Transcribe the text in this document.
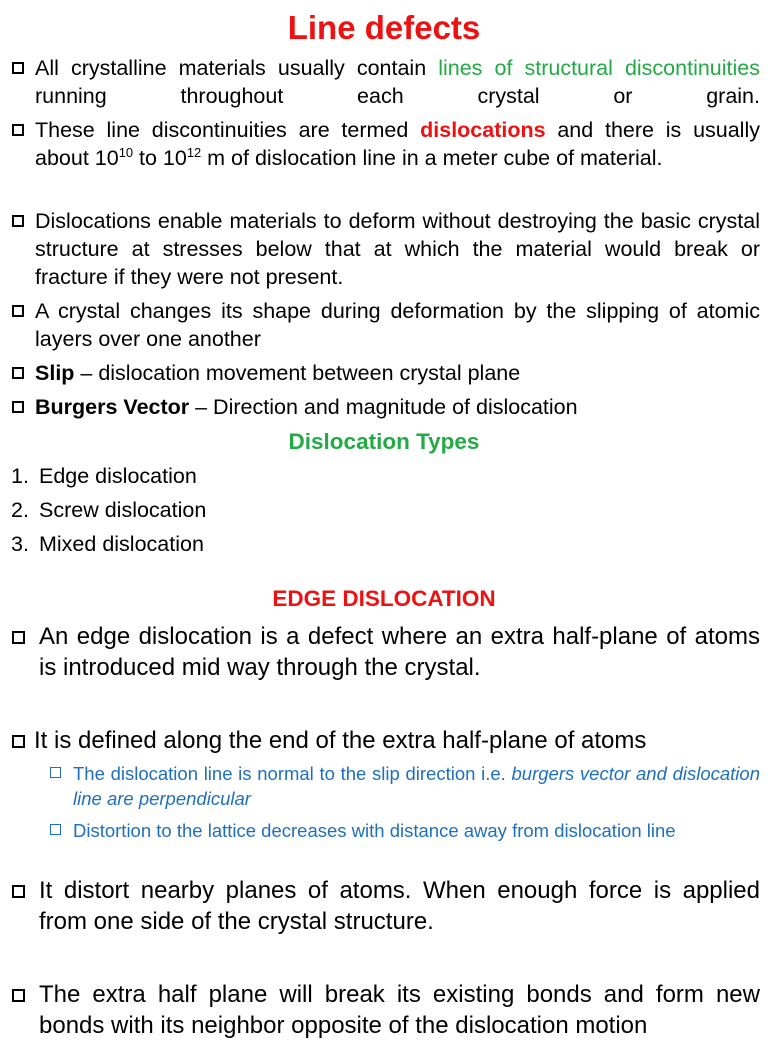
Line defects
All crystalline materials usually contain lines of structural discontinuities running throughout each crystal or grain.
These line discontinuities are termed dislocations and there is usually about $10^{10}$ to $10^{12}$ m of dislocation line in a meter cube of material.
Dislocations enable materials to deform without destroying the basic crystal structure at stresses below that at which the material would break or fracture if they were not present.
A crystal changes its shape during deformation by the slipping of atomic layers over one another
Slip – dislocation movement between crystal plane
Burgers Vector – Direction and magnitude of dislocation
Dislocation Types
1. Edge dislocation
2. Screw dislocation
3. Mixed dislocation
EDGE DISLOCATION
An edge dislocation is a defect where an extra half-plane of atoms is introduced mid way through the crystal.
It is defined along the end of the extra half-plane of atoms
The dislocation line is normal to the slip direction i.e. burgers vector and dislocation line are perpendicular
Distortion to the lattice decreases with distance away from dislocation line
It distort nearby planes of atoms. When enough force is applied from one side of the crystal structure.
The extra half plane will break its existing bonds and form new bonds with its neighbor opposite of the dislocation motion
